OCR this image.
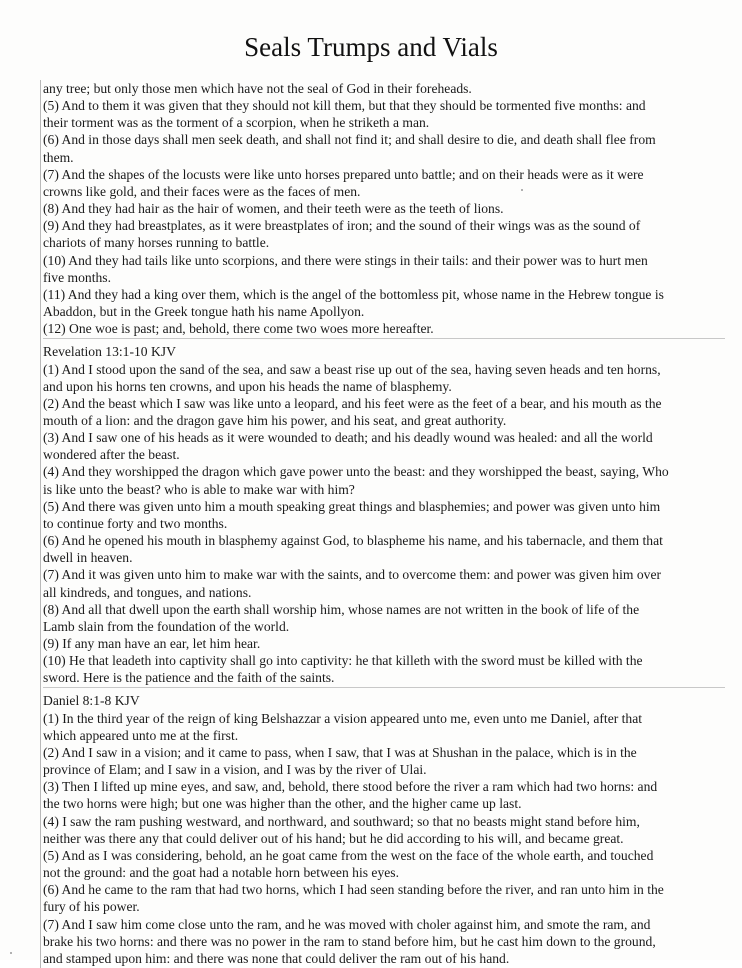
Seals Trumps and Vials
any tree; but only those men which have not the seal of God in their foreheads.
(5) And to them it was given that they should not kill them, but that they should be tormented five months: and
their torment was as the torment of a scorpion, when he striketh a man.
(6) And in those days shall men seek death, and shall not find it; and shall desire to die, and death shall flee from
them.
(7) And the shapes of the locusts were like unto horses prepared unto battle; and on their heads were as it were
crowns like gold, and their faces were as the faces of men.
(8) And they had hair as the hair of women, and their teeth were as the teeth of lions.
(9) And they had breastplates, as it were breastplates of iron; and the sound of their wings was as the sound of
chariots of many horses running to battle.
(10) And they had tails like unto scorpions, and there were stings in their tails: and their power was to hurt men
five months.
(11) And they had a king over them, which is the angel of the bottomless pit, whose name in the Hebrew tongue is
Abaddon, but in the Greek tongue hath his name Apollyon.
(12) One woe is past; and, behold, there come two woes more hereafter.
Revelation 13:1-10 KJV
(1) And I stood upon the sand of the sea, and saw a beast rise up out of the sea, having seven heads and ten horns,
and upon his horns ten crowns, and upon his heads the name of blasphemy.
(2) And the beast which I saw was like unto a leopard, and his feet were as the feet of a bear, and his mouth as the
mouth of a lion: and the dragon gave him his power, and his seat, and great authority.
(3) And I saw one of his heads as it were wounded to death; and his deadly wound was healed: and all the world
wondered after the beast.
(4) And they worshipped the dragon which gave power unto the beast: and they worshipped the beast, saying, Who
is like unto the beast? who is able to make war with him?
(5) And there was given unto him a mouth speaking great things and blasphemies; and power was given unto him
to continue forty and two months.
(6) And he opened his mouth in blasphemy against God, to blaspheme his name, and his tabernacle, and them that
dwell in heaven.
(7) And it was given unto him to make war with the saints, and to overcome them: and power was given him over
all kindreds, and tongues, and nations.
(8) And all that dwell upon the earth shall worship him, whose names are not written in the book of life of the
Lamb slain from the foundation of the world.
(9) If any man have an ear, let him hear.
(10) He that leadeth into captivity shall go into captivity: he that killeth with the sword must be killed with the
sword. Here is the patience and the faith of the saints.
Daniel 8:1-8 KJV
(1) In the third year of the reign of king Belshazzar a vision appeared unto me, even unto me Daniel, after that
which appeared unto me at the first.
(2) And I saw in a vision; and it came to pass, when I saw, that I was at Shushan in the palace, which is in the
province of Elam; and I saw in a vision, and I was by the river of Ulai.
(3) Then I lifted up mine eyes, and saw, and, behold, there stood before the river a ram which had two horns: and
the two horns were high; but one was higher than the other, and the higher came up last.
(4) I saw the ram pushing westward, and northward, and southward; so that no beasts might stand before him,
neither was there any that could deliver out of his hand; but he did according to his will, and became great.
(5) And as I was considering, behold, an he goat came from the west on the face of the whole earth, and touched
not the ground: and the goat had a notable horn between his eyes.
(6) And he came to the ram that had two horns, which I had seen standing before the river, and ran unto him in the
fury of his power.
(7) And I saw him come close unto the ram, and he was moved with choler against him, and smote the ram, and
brake his two horns: and there was no power in the ram to stand before him, but he cast him down to the ground,
and stamped upon him: and there was none that could deliver the ram out of his hand.
